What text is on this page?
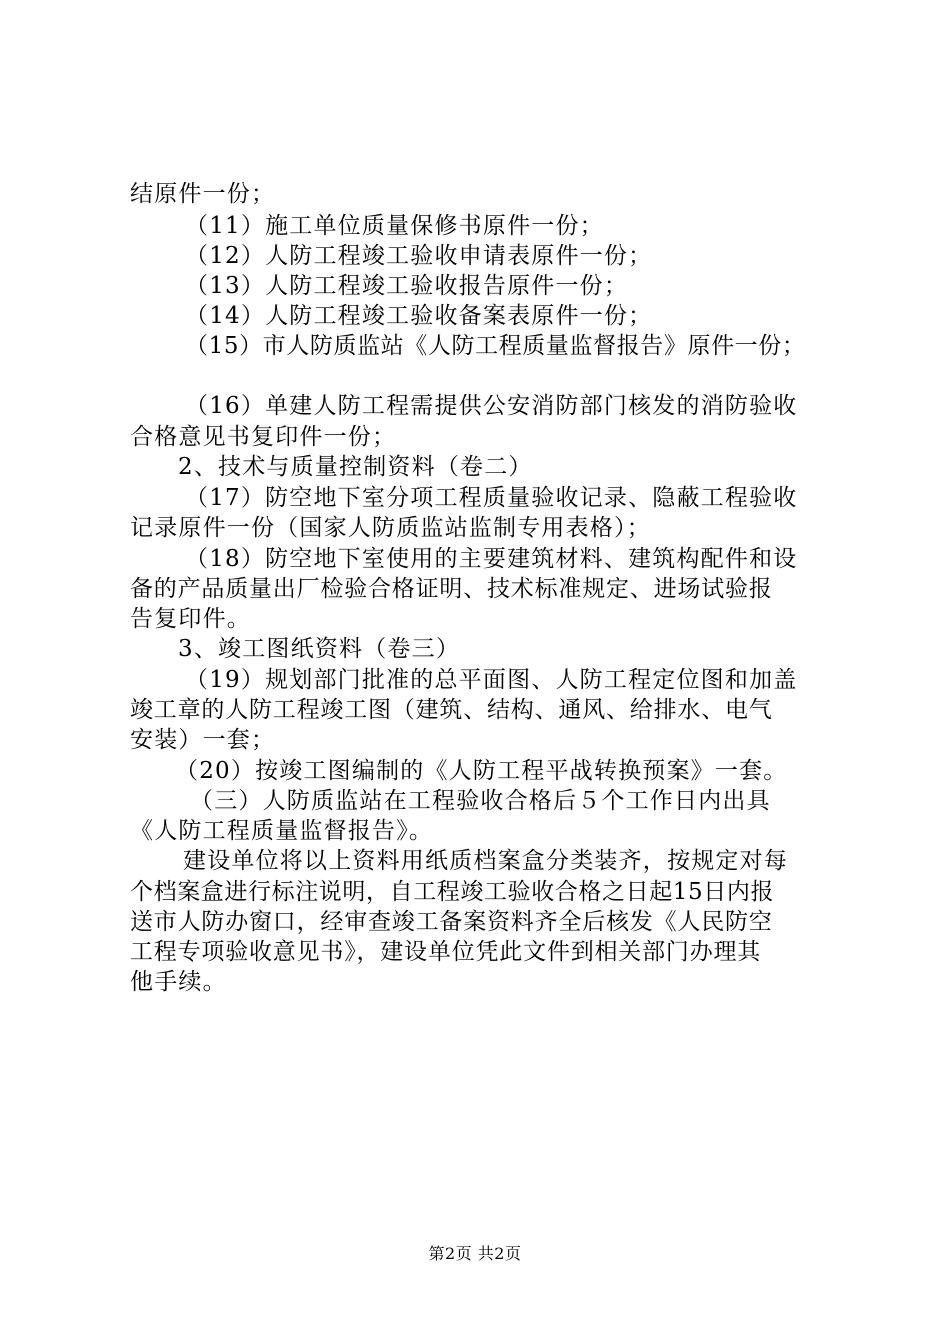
结原件一份；
（11）施工单位质量保修书原件一份；
（12）人防工程竣工验收申请表原件一份；
（13）人防工程竣工验收报告原件一份；
（14）人防工程竣工验收备案表原件一份；
（15）市人防质监站《人防工程质量监督报告》原件一份；
（16）单建人防工程需提供公安消防部门核发的消防验收
合格意见书复印件一份；
2、技术与质量控制资料（卷二）
（17）防空地下室分项工程质量验收记录、隐蔽工程验收
记录原件一份（国家人防质监站监制专用表格）；
（18）防空地下室使用的主要建筑材料、建筑构配件和设
备的产品质量出厂检验合格证明、技术标准规定、进场试验报
告复印件。
3、竣工图纸资料（卷三）
（19）规划部门批准的总平面图、人防工程定位图和加盖
竣工章的人防工程竣工图（建筑、结构、通风、给排水、电气
安装）一套；
（20）按竣工图编制的《人防工程平战转换预案》一套。
（三）人防质监站在工程验收合格后５个工作日内出具
《人防工程质量监督报告》。
建设单位将以上资料用纸质档案盒分类装齐，按规定对每
个档案盒进行标注说明，自工程竣工验收合格之日起15日内报
送市人防办窗口，经审查竣工备案资料齐全后核发《人民防空
工程专项验收意见书》，建设单位凭此文件到相关部门办理其
他手续。
第2页 共2页
